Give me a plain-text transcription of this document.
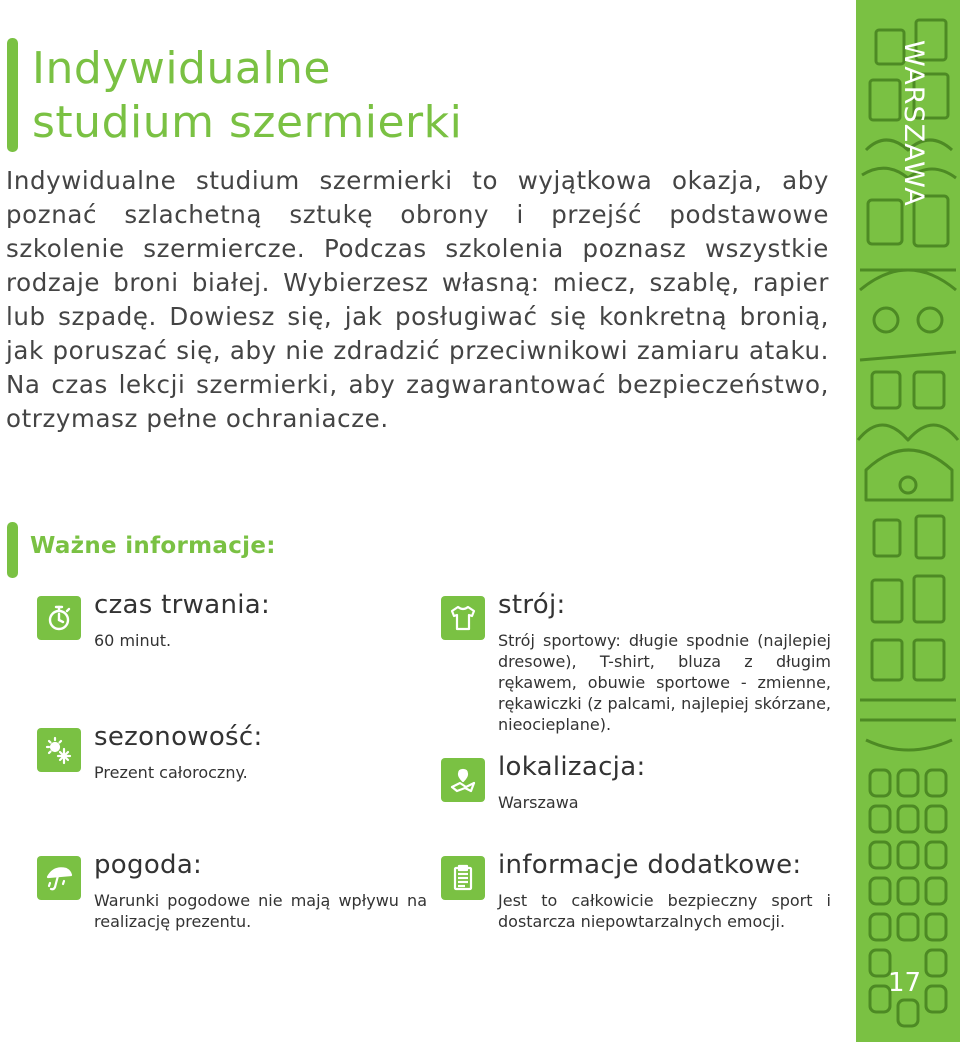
Indywidualne
studium szermierki

Indywidualne studium szermierki to wyjątkowa okazja, aby poznać szlachetną sztukę obrony i przejść podstawowe szkolenie szermiercze. Podczas szkolenia poznasz wszystkie rodzaje broni białej. Wybierzesz własną: miecz, szablę, rapier lub szpadę. Dowiesz się, jak posługiwać się konkretną bronią, jak poruszać się, aby nie zdradzić przeciwnikowi zamiaru ataku. Na czas lekcji szermierki, aby zagwarantować bezpieczeństwo, otrzymasz pełne ochraniacze.

Ważne informacje:
czas trwania:

60 minut.

sezonowość:

Prezent całoroczny.

pogoda:

Warunki pogodowe nie mają wpływu na realizację prezentu.

strój:

Strój sportowy: długie spodnie (najlepiej dresowe), T-shirt, bluza z długim rękawem, obuwie sportowe - zmienne, rękawiczki (z palcami, najlepiej skórzane, nieocieplane).

lokalizacja:

Warszawa

informacje dodatkowe:

Jest to całkowicie bezpieczny sport i dostarcza niepowtarzalnych emocji.

WARSZAWA

17
